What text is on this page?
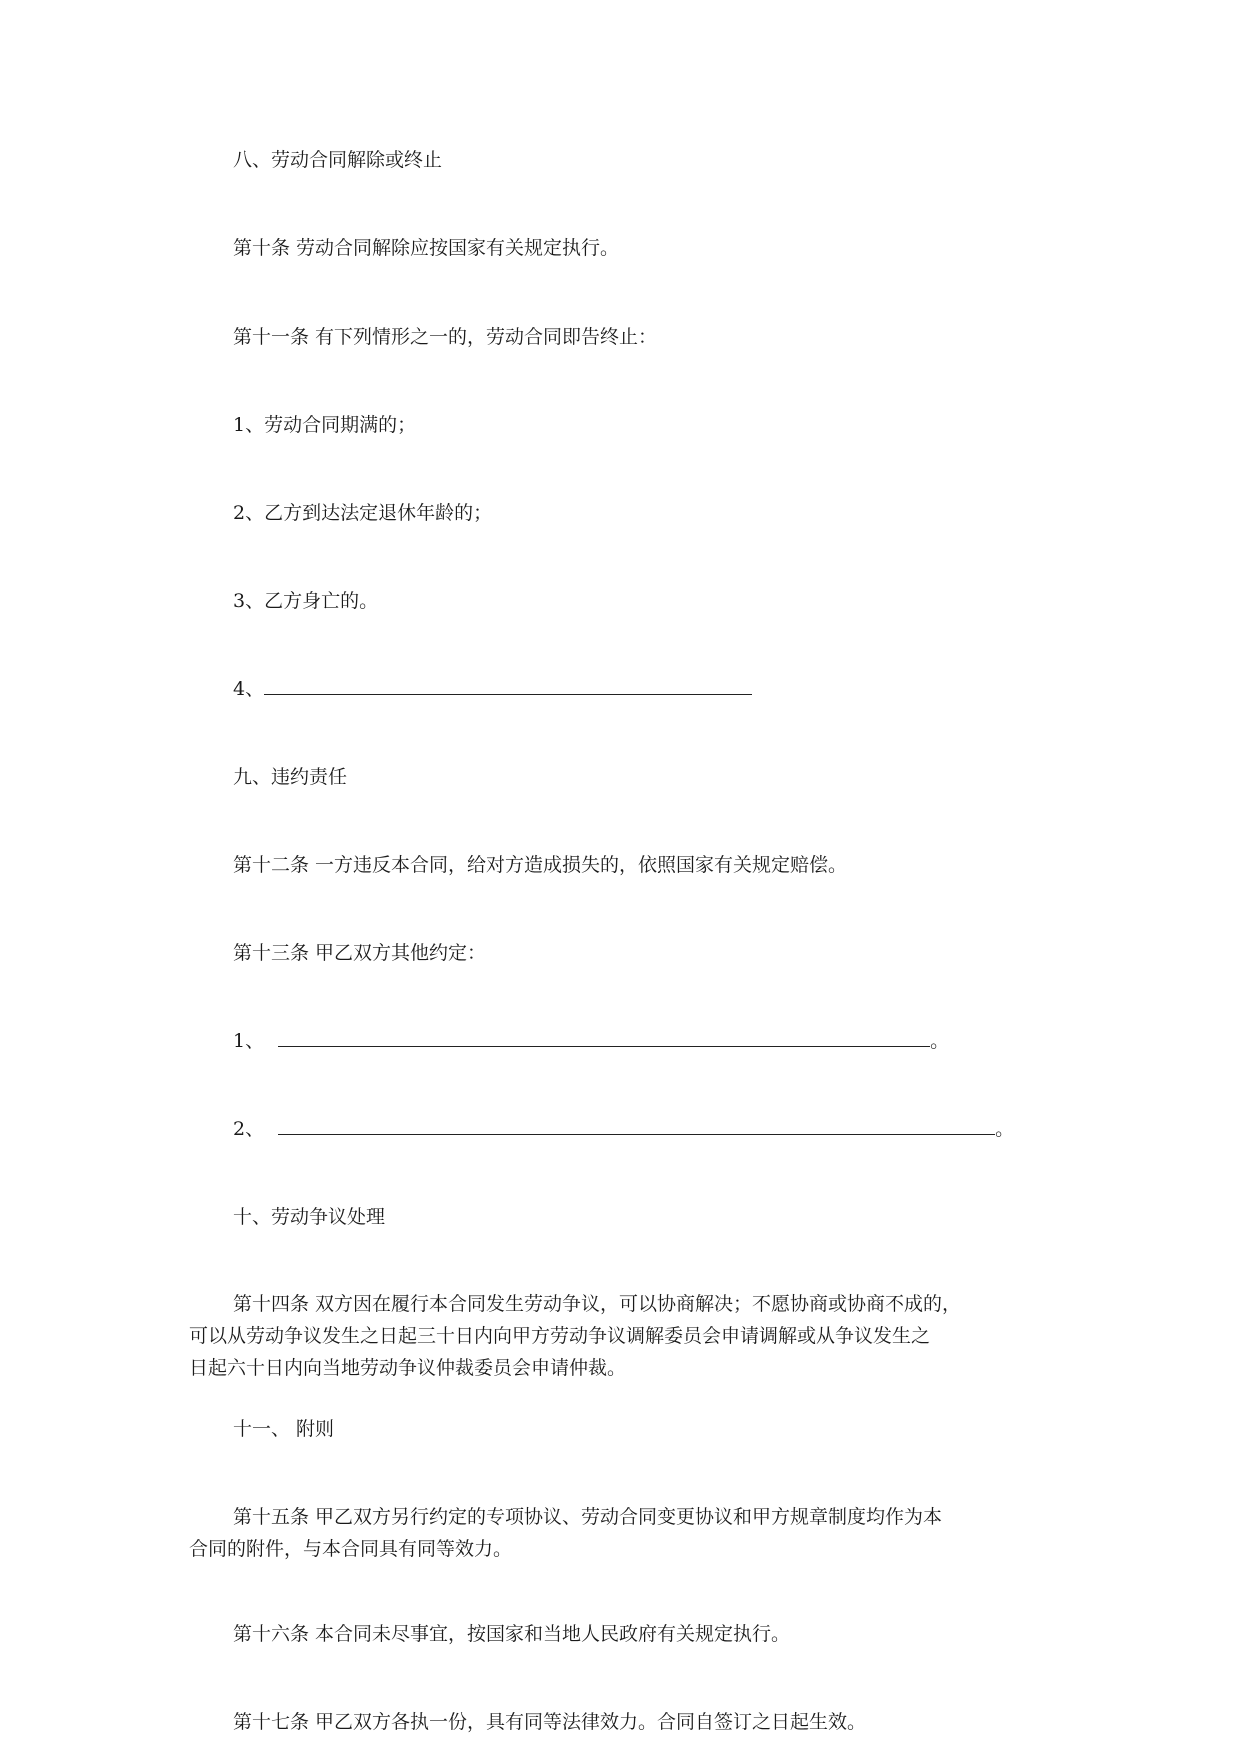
八、劳动合同解除或终止
第十条 劳动合同解除应按国家有关规定执行。
第十一条 有下列情形之一的，劳动合同即告终止：
1、劳动合同期满的；
2、乙方到达法定退休年龄的；
3、乙方身亡的。
4、
九、违约责任
第十二条 一方违反本合同，给对方造成损失的，依照国家有关规定赔偿。
第十三条 甲乙双方其他约定：
1、	。
2、	。
十、劳动争议处理
第十四条 双方因在履行本合同发生劳动争议，可以协商解决；不愿协商或协商不成的，
可以从劳动争议发生之日起三十日内向甲方劳动争议调解委员会申请调解或从争议发生之
日起六十日内向当地劳动争议仲裁委员会申请仲裁。
十一、 附则
第十五条 甲乙双方另行约定的专项协议、劳动合同变更协议和甲方规章制度均作为本
合同的附件，与本合同具有同等效力。
第十六条 本合同未尽事宜，按国家和当地人民政府有关规定执行。
第十七条 甲乙双方各执一份，具有同等法律效力。合同自签订之日起生效。
